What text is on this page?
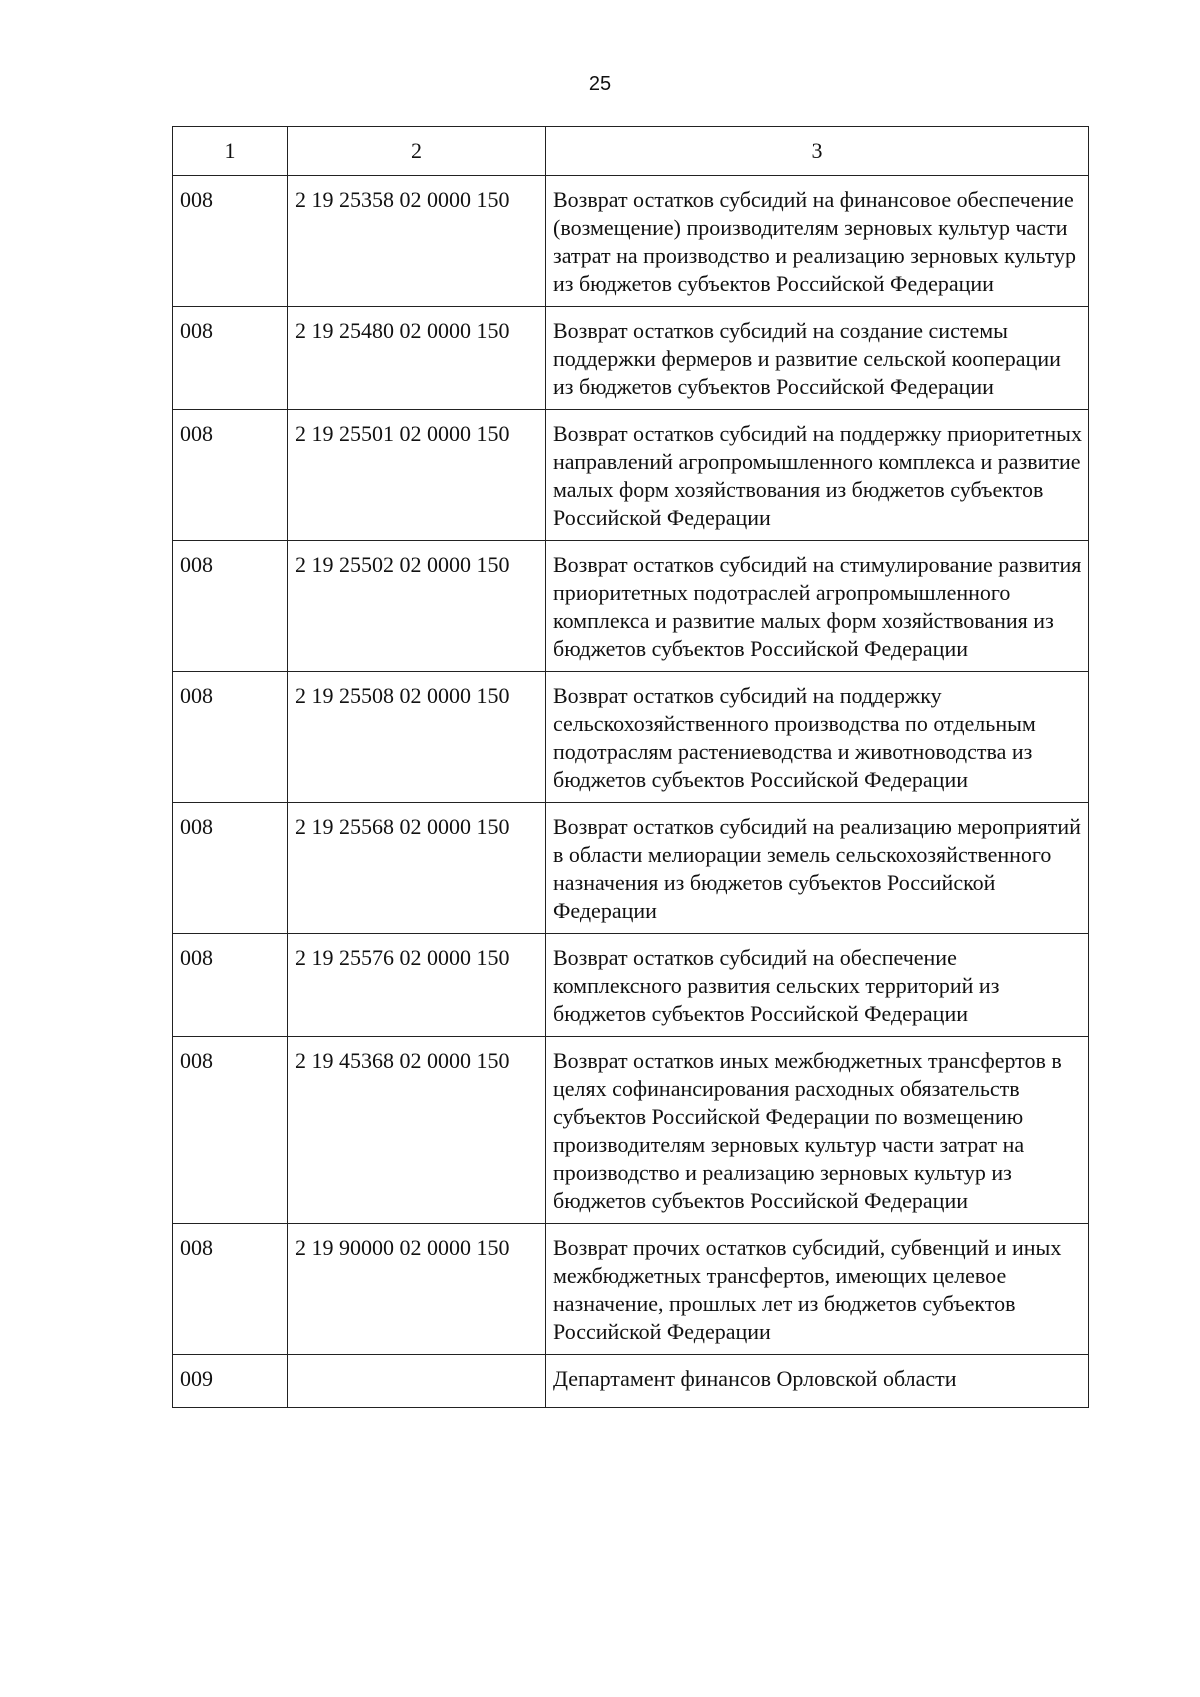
25
1	2	3
008	2 19 25358 02 0000 150	Возврат остатков субсидий на финансовое обеспечение (возмещение) производителям зерновых культур части затрат на производство и реализацию зерновых культур из бюджетов субъектов Российской Федерации
008	2 19 25480 02 0000 150	Возврат остатков субсидий на создание системы поддержки фермеров и развитие сельской кооперации из бюджетов субъектов Российской Федерации
008	2 19 25501 02 0000 150	Возврат остатков субсидий на поддержку приоритетных направлений агропромышленного комплекса и развитие малых форм хозяйствования из бюджетов субъектов Российской Федерации
008	2 19 25502 02 0000 150	Возврат остатков субсидий на стимулирование развития приоритетных подотраслей агропромышленного комплекса и развитие малых форм хозяйствования из бюджетов субъектов Российской Федерации
008	2 19 25508 02 0000 150	Возврат остатков субсидий на поддержку сельскохозяйственного производства по отдельным подотраслям растениеводства и животноводства из бюджетов субъектов Российской Федерации
008	2 19 25568 02 0000 150	Возврат остатков субсидий на реализацию мероприятий в области мелиорации земель сельскохозяйственного назначения из бюджетов субъектов Российской Федерации
008	2 19 25576 02 0000 150	Возврат остатков субсидий на обеспечение комплексного развития сельских территорий из бюджетов субъектов Российской Федерации
008	2 19 45368 02 0000 150	Возврат остатков иных межбюджетных трансфертов в целях софинансирования расходных обязательств субъектов Российской Федерации по возмещению производителям зерновых культур части затрат на производство и реализацию зерновых культур из бюджетов субъектов Российской Федерации
008	2 19 90000 02 0000 150	Возврат прочих остатков субсидий, субвенций и иных межбюджетных трансфертов, имеющих целевое назначение, прошлых лет из бюджетов субъектов Российской Федерации
009		Департамент финансов Орловской области
